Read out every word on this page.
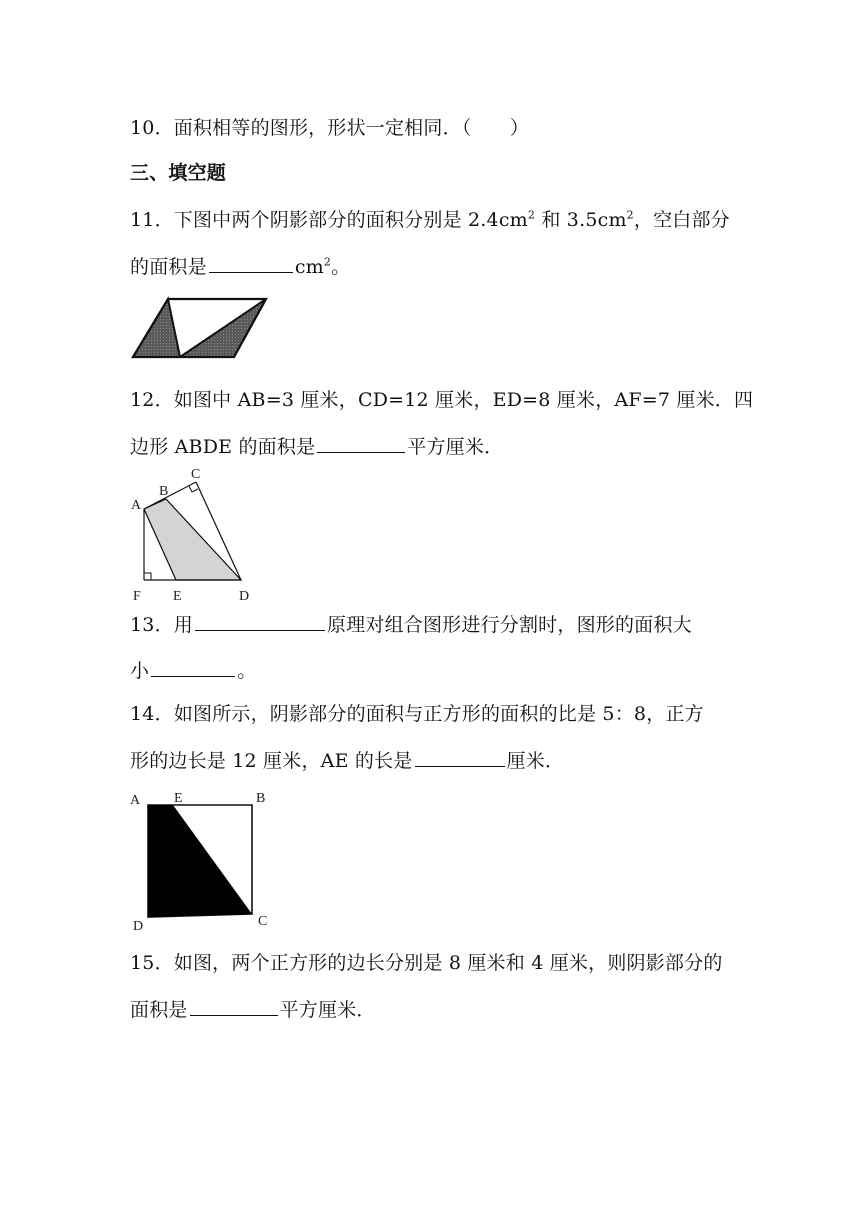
10．面积相等的图形，形状一定相同．（　　）
三、填空题
11．下图中两个阴影部分的面积分别是 $2.4cm^2$ 和 $3.5cm^2$，空白部分
的面积是	$cm^2$。
12．如图中 AB=3 厘米，CD=12 厘米，ED=8 厘米，AF=7 厘米．四
边形 ABDE 的面积是	平方厘米．
A
B
C
D
E
F
13．用	原理对组合图形进行分割时，图形的面积大
小	。
14．如图所示，阴影部分的面积与正方形的面积的比是 5：8，正方
形的边长是 12 厘米，AE 的长是	厘米．
A E	B
C
D
15．如图，两个正方形的边长分别是 8 厘米和 4 厘米，则阴影部分的
面积是	平方厘米．
